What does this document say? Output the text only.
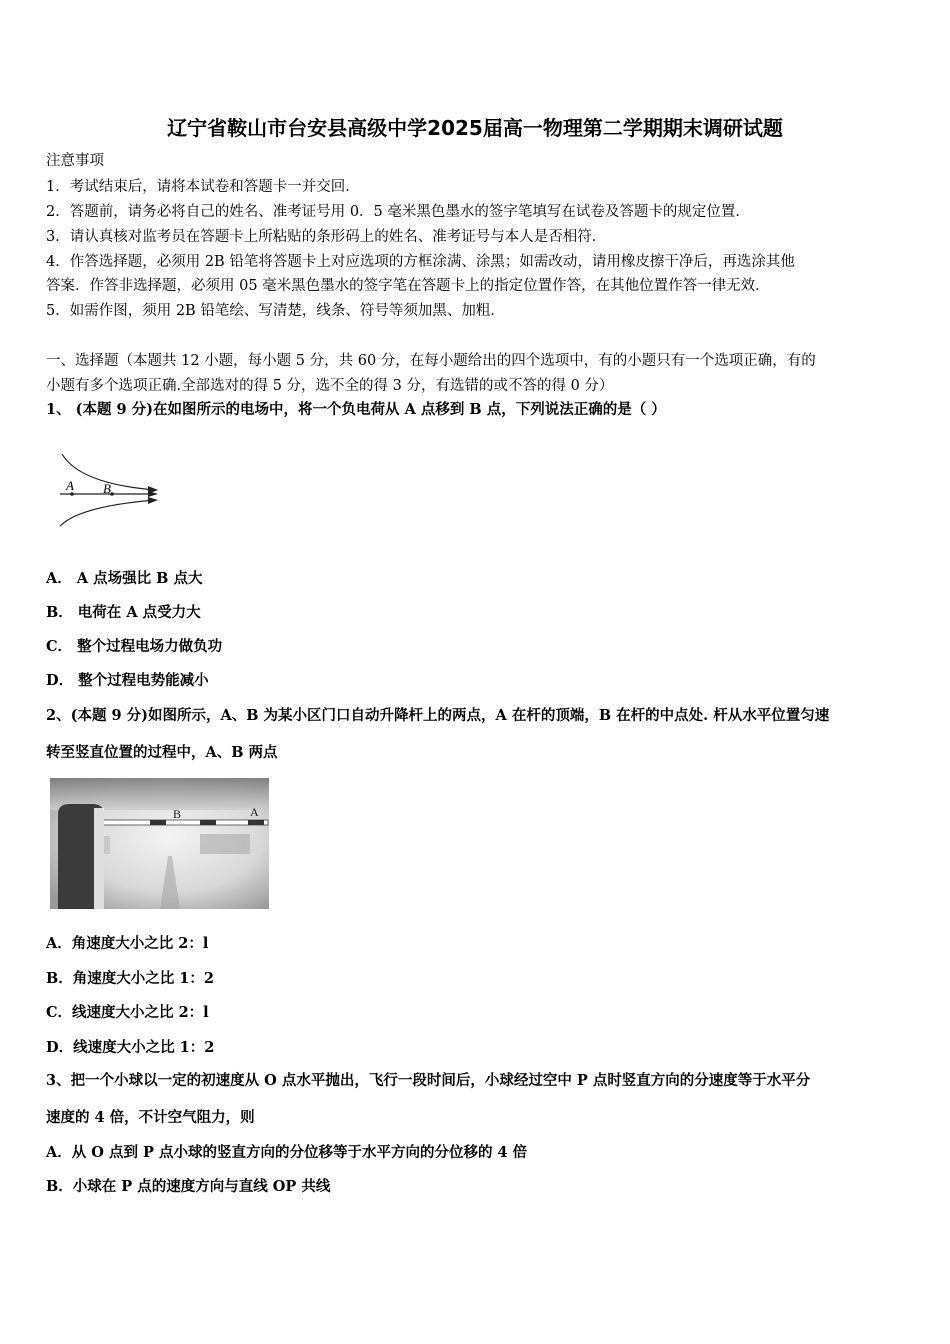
辽宁省鞍山市台安县高级中学2025届高一物理第二学期期末调研试题
注意事项
1．考试结束后，请将本试卷和答题卡一并交回．
2．答题前，请务必将自己的姓名、准考证号用 0．5 毫米黑色墨水的签字笔填写在试卷及答题卡的规定位置．
3．请认真核对监考员在答题卡上所粘贴的条形码上的姓名、准考证号与本人是否相符．
4．作答选择题，必须用 2B 铅笔将答题卡上对应选项的方框涂满、涂黑；如需改动，请用橡皮擦干净后，再选涂其他
答案．作答非选择题，必须用 05 毫米黑色墨水的签字笔在答题卡上的指定位置作答，在其他位置作答一律无效．
5．如需作图，须用 2B 铅笔绘、写清楚，线条、符号等须加黑、加粗．
一、选择题（本题共 12 小题，每小题 5 分，共 60 分，在每小题给出的四个选项中，有的小题只有一个选项正确，有的
小题有多个选项正确.全部选对的得 5 分，选不全的得 3 分，有选错的或不答的得 0 分）
1、 (本题 9 分)在如图所示的电场中，将一个负电荷从 A 点移到 B 点，下列说法正确的是（ ）
A B
A． A 点场强比 B 点大
B． 电荷在 A 点受力大
C． 整个过程电场力做负功
D． 整个过程电势能减小
2、(本题 9 分)如图所示，A、B 为某小区门口自动升降杆上的两点，A 在杆的顶端，B 在杆的中点处. 杆从水平位置匀速
转至竖直位置的过程中，A、B 两点
B	A
A．角速度大小之比 2：l
B．角速度大小之比 1：2
C．线速度大小之比 2：l
D．线速度大小之比 1：2
3、把一个小球以一定的初速度从 O 点水平抛出，飞行一段时间后，小球经过空中 P 点时竖直方向的分速度等于水平分
速度的 4 倍，不计空气阻力，则
A．从 O 点到 P 点小球的竖直方向的分位移等于水平方向的分位移的 4 倍
B．小球在 P 点的速度方向与直线 OP 共线
